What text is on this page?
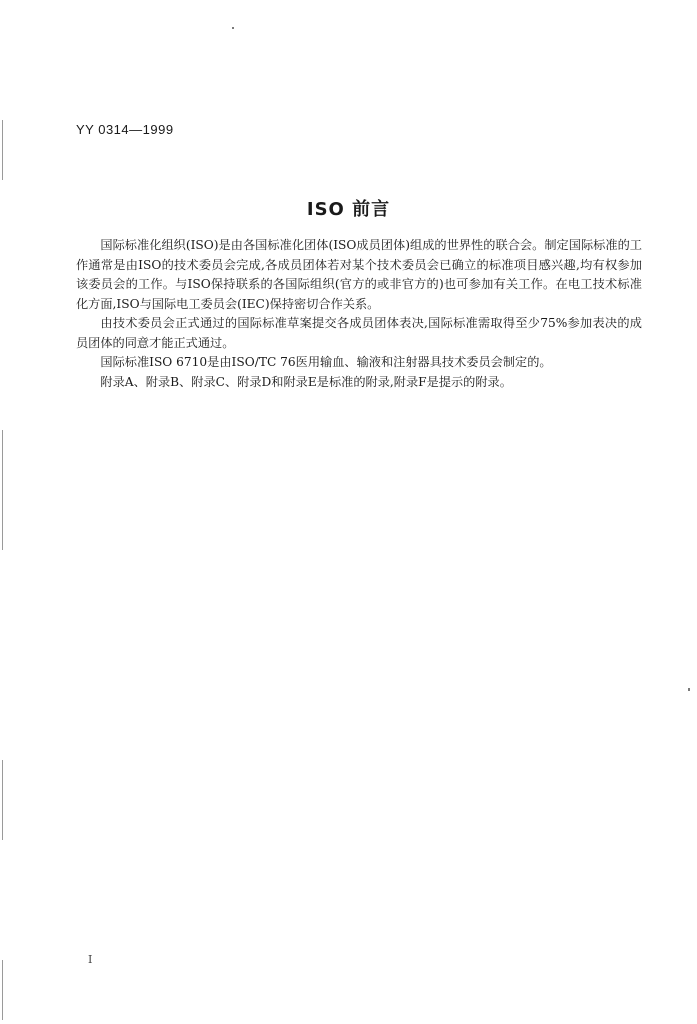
YY 0314—1999
ISO 前言

国际标准化组织(ISO)是由各国标准化团体(ISO成员团体)组成的世界性的联合会。制定国际标准的工作通常是由ISO的技术委员会完成,各成员团体若对某个技术委员会已确立的标准项目感兴趣,均有权参加该委员会的工作。与ISO保持联系的各国际组织(官方的或非官方的)也可参加有关工作。在电工技术标准化方面,ISO与国际电工委员会(IEC)保持密切合作关系。

由技术委员会正式通过的国际标准草案提交各成员团体表决,国际标准需取得至少75%参加表决的成员团体的同意才能正式通过。

国际标准ISO 6710是由ISO/TC 76医用输血、输液和注射器具技术委员会制定的。

附录A、附录B、附录C、附录D和附录E是标准的附录,附录F是提示的附录。

I
